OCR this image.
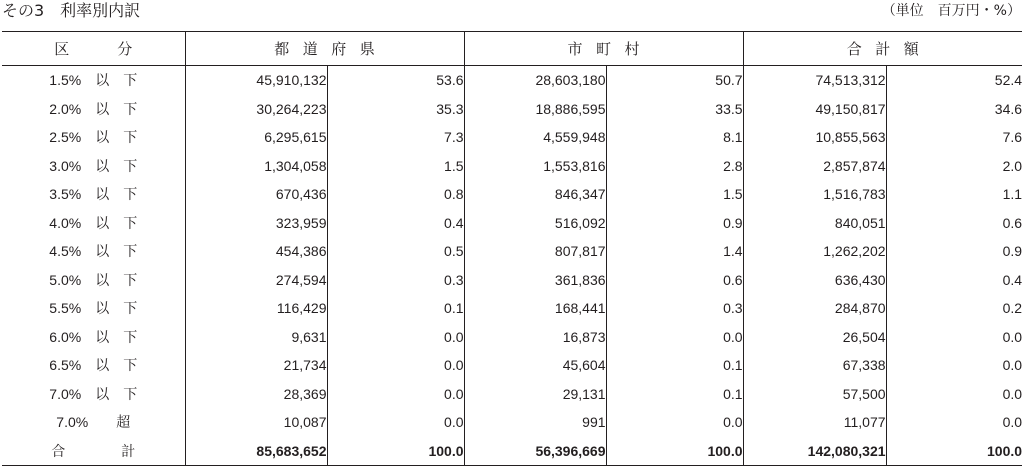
その3　利率別内訳	（単位　百万円・%）
区分	都道府県		市町村		合計額	
1.5%　以　下	45,910,132	53.6	28,603,180	50.7	74,513,312	52.4
2.0%　以　下	30,264,223	35.3	18,886,595	33.5	49,150,817	34.6
2.5%　以　下	6,295,615	7.3	4,559,948	8.1	10,855,563	7.6
3.0%　以　下	1,304,058	1.5	1,553,816	2.8	2,857,874	2.0
3.5%　以　下	670,436	0.8	846,347	1.5	1,516,783	1.1
4.0%　以　下	323,959	0.4	516,092	0.9	840,051	0.6
4.5%　以　下	454,386	0.5	807,817	1.4	1,262,202	0.9
5.0%　以　下	274,594	0.3	361,836	0.6	636,430	0.4
5.5%　以　下	116,429	0.1	168,441	0.3	284,870	0.2
6.0%　以　下	9,631	0.0	16,873	0.0	26,504	0.0
6.5%　以　下	21,734	0.0	45,604	0.1	67,338	0.0
7.0%　以　下	28,369	0.0	29,131	0.1	57,500	0.0
7.0%　　超　	10,087	0.0	991	0.0	11,077	0.0
合　　　　計	85,683,652	100.0	56,396,669	100.0	142,080,321	100.0
